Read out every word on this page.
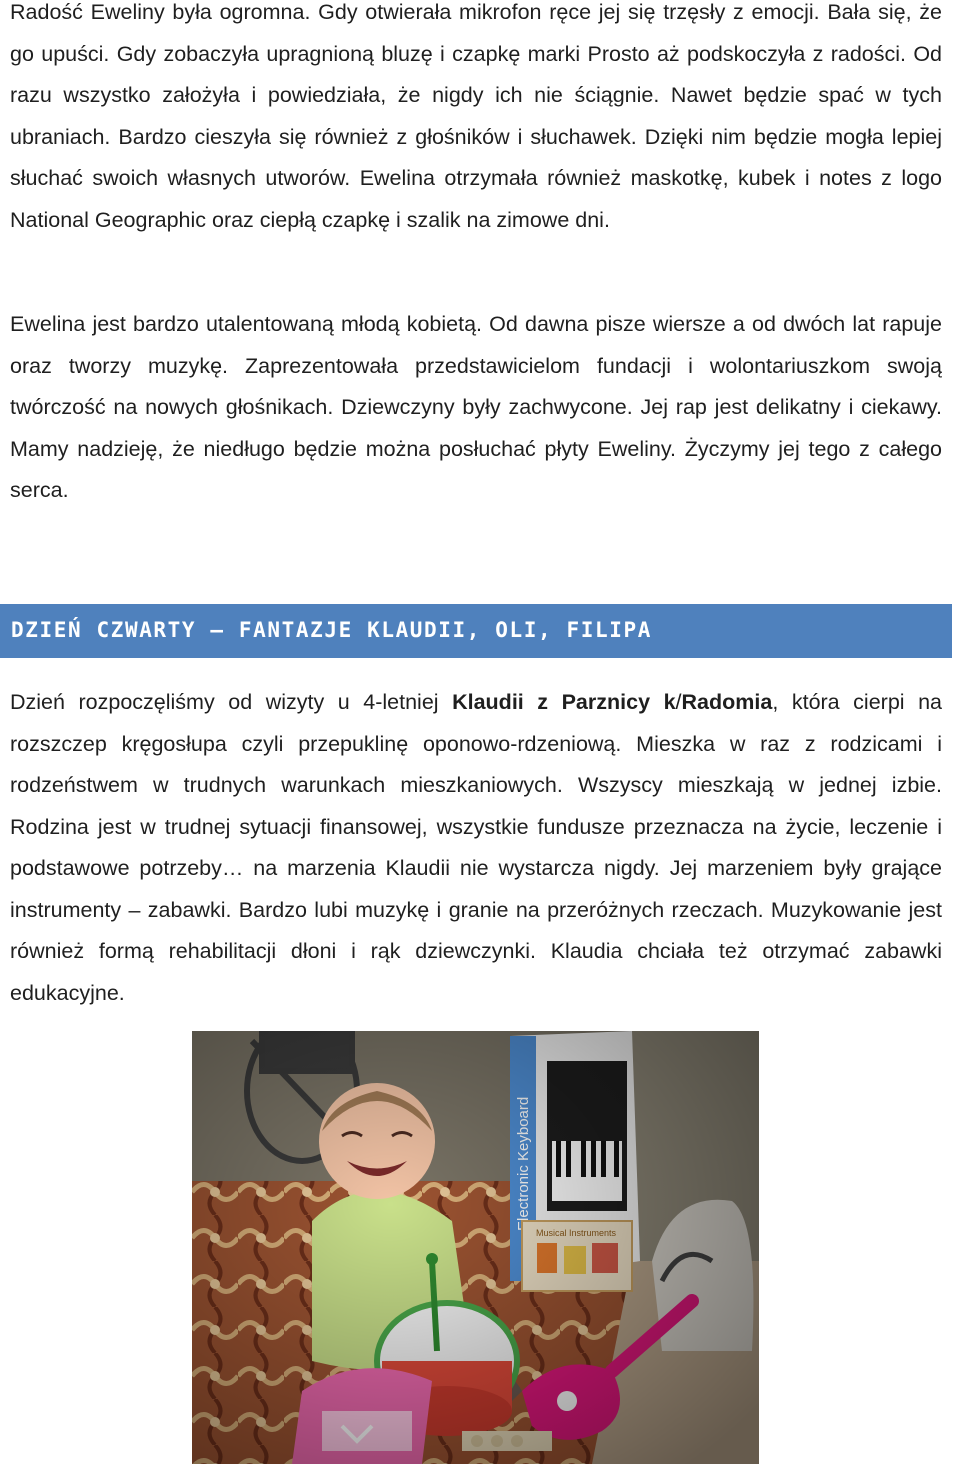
Radość Eweliny była ogromna. Gdy otwierała mikrofon ręce jej się trzęsły z emocji. Bała się, że go upuści. Gdy zobaczyła upragnioną bluzę i czapkę marki Prosto aż podskoczyła z radości. Od razu wszystko założyła i powiedziała, że nigdy ich nie ściągnie. Nawet będzie spać w tych ubraniach. Bardzo cieszyła się również z głośników i słuchawek. Dzięki nim będzie mogła lepiej słuchać swoich własnych utworów. Ewelina otrzymała również maskotkę, kubek i notes z logo National Geographic oraz ciepłą czapkę i szalik na zimowe dni.

Ewelina jest bardzo utalentowaną młodą kobietą. Od dawna pisze wiersze a od dwóch lat rapuje oraz tworzy muzykę. Zaprezentowała przedstawicielom fundacji i wolontariuszkom swoją twórczość na nowych głośnikach. Dziewczyny były zachwycone. Jej rap jest delikatny i ciekawy. Mamy nadzieję, że niedługo będzie można posłuchać płyty Eweliny. Życzymy jej tego z całego serca.

DZIEŃ CZWARTY – FANTAZJE KLAUDII, OLI, FILIPA

Dzień rozpoczęliśmy od wizyty u 4-letniej Klaudii z Parznicy k/Radomia, która cierpi na rozszczep kręgosłupa czyli przepuklinę oponowo-rdzeniową. Mieszka w raz z rodzicami i rodzeństwem w trudnych warunkach mieszkaniowych. Wszyscy mieszkają w jednej izbie. Rodzina jest w trudnej sytuacji finansowej, wszystkie fundusze przeznacza na życie, leczenie i podstawowe potrzeby… na marzenia Klaudii nie wystarcza nigdy. Jej marzeniem były grające instrumenty – zabawki. Bardzo lubi muzykę i granie na przeróżnych rzeczach. Muzykowanie jest również formą rehabilitacji dłoni i rąk dziewczynki. Klaudia chciała też otrzymać zabawki edukacyjne.
